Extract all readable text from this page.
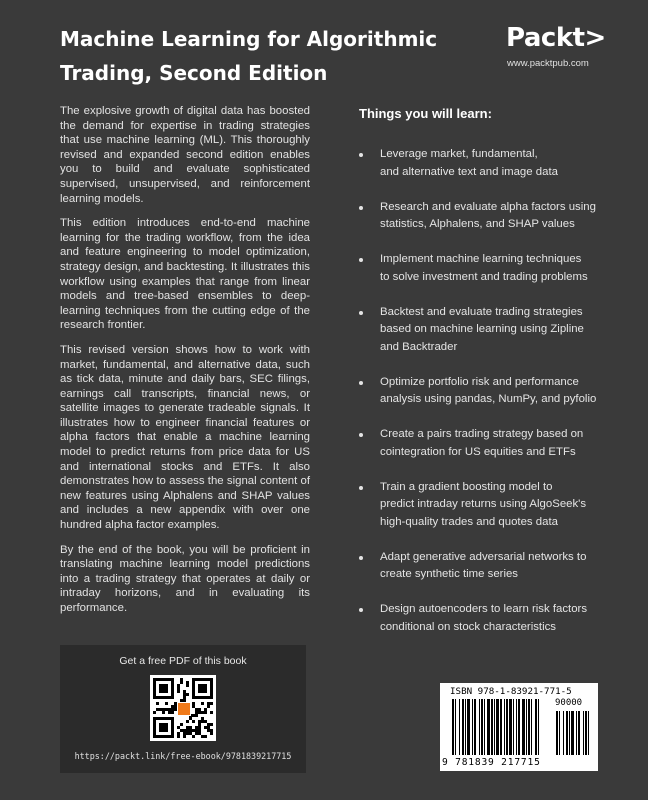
Machine Learning for Algorithmic
Trading, Second Edition
Packt>
www.packtpub.com

The explosive growth of digital data has boosted the demand for expertise in trading strategies that use machine learning (ML). This thoroughly revised and expanded second edition enables you to build and evaluate sophisticated supervised, unsupervised, and reinforcement learning models.

This edition introduces end-to-end machine learning for the trading workflow, from the idea and feature engineering to model optimization, strategy design, and backtesting. It illustrates this workflow using examples that range from linear models and tree-based ensembles to deep-learning techniques from the cutting edge of the research frontier.

This revised version shows how to work with market, fundamental, and alternative data, such as tick data, minute and daily bars, SEC filings, earnings call transcripts, financial news, or satellite images to generate tradeable signals. It illustrates how to engineer financial features or alpha factors that enable a machine learning model to predict returns from price data for US and international stocks and ETFs. It also demonstrates how to assess the signal content of new features using Alphalens and SHAP values and includes a new appendix with over one hundred alpha factor examples.

By the end of the book, you will be proficient in translating machine learning model predictions into a trading strategy that operates at daily or intraday horizons, and in evaluating its performance.

Things you will learn:
Leverage market, fundamental,
and alternative text and image data
Research and evaluate alpha factors using
statistics, Alphalens, and SHAP values
Implement machine learning techniques
to solve investment and trading problems
Backtest and evaluate trading strategies
based on machine learning using Zipline
and Backtrader
Optimize portfolio risk and performance
analysis using pandas, NumPy, and pyfolio
Create a pairs trading strategy based on
cointegration for US equities and ETFs
Train a gradient boosting model to
predict intraday returns using AlgoSeek's
high-quality trades and quotes data
Adapt generative adversarial networks to
create synthetic time series
Design autoencoders to learn risk factors
conditional on stock characteristics
Get a free PDF of this book
https://packt.link/free-ebook/9781839217715
ISBN 978-1-83921-771-5
90000
9 781839 217715
